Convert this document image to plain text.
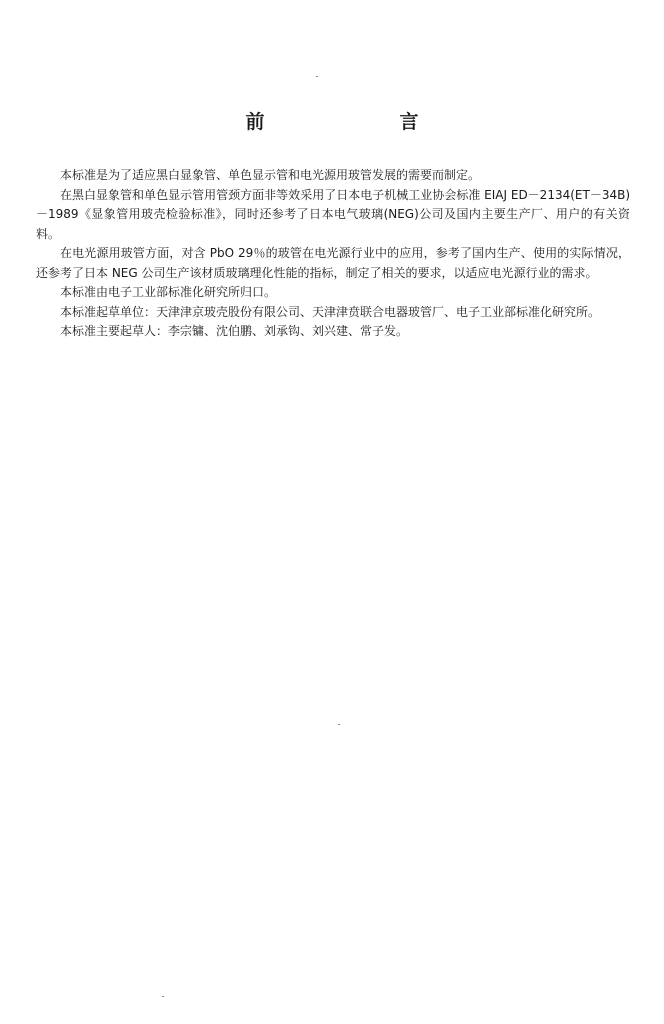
前　言

本标准是为了适应黑白显象管、单色显示管和电光源用玻管发展的需要而制定。

在黑白显象管和单色显示管用管颈方面非等效采用了日本电子机械工业协会标准 EIAJ ED－2134(ET－34B)－1989《显象管用玻壳检验标准》，同时还参考了日本电气玻璃(NEG)公司及国内主要生产厂、用户的有关资料。

在电光源用玻管方面，对含 PbO 29％的玻管在电光源行业中的应用，参考了国内生产、使用的实际情况，还参考了日本 NEG 公司生产该材质玻璃理化性能的指标，制定了相关的要求，以适应电光源行业的需求。

本标准由电子工业部标准化研究所归口。

本标准起草单位：天津津京玻壳股份有限公司、天津津贲联合电器玻管厂、电子工业部标准化研究所。

本标准主要起草人：李宗镛、沈伯鹏、刘承钩、刘兴建、常子发。
